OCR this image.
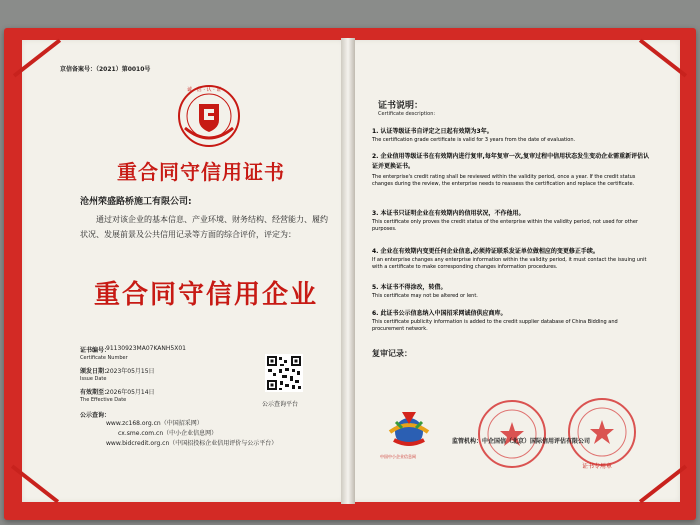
京信备案号：（2021）第0010号
诚 · 信 · 认 · 证
重合同守信用证书
沧州荣盛路桥施工有限公司:
通过对该企业的基本信息、产业环境、财务结构、经营能力、履约状况、发展前景及公共信用记录等方面的综合评价，评定为：
重合同守信用企业
证书编号：
91130923MA07KANH5X01
Certificate Number
颁发日期：
2023年05月15日
Issue Date
有效期至：
2026年05月14日
The Effective Date
公示查询：
www.zc168.org.cn（中国招采网）
cx.sme.com.cn（中小企业信息网）
www.bidcredit.org.cn（中国招投标企业信用评价与公示平台）
公示查询平台
证书说明：
Certificate description:
1. 认证等级证书自评定之日起有效期为3年。
The certification grade certificate is valid for 3 years from the date of evaluation.
2. 企业信用等级证书在有效期内进行复审,每年复审一次,复审过程中信用状态发生变动企业需重新评估认证并更换证书。
The enterprise's credit rating shall be reviewed within the validity period, once a year. If the credit status changes during the review, the enterprise needs to reassess the certification and replace the certificate.
3. 本证书只证明企业在有效期内的信用状况，不作他用。
This certificate only proves the credit status of the enterprise within the validity period, not used for other purposes.
4. 企业在有效期内变更任何企业信息,必须持证联系发证单位做相应的变更修正手续。
If an enterprise changes any enterprise information within the validity period, it must contact the issuing unit with a certificate to make corresponding changes information procedures.
5. 本证书不得涂改，转借。
This certificate may not be altered or lent.
6. 此证书公示信息纳入中国招采网诚信供应商库。
This certificate publicity information is added to the credit supplier database of China Bidding and procurement network.
复审记录：
中国中小企业信息网
监管机构：中企国信（北京）国际信用评估有限公司
证书专用章
